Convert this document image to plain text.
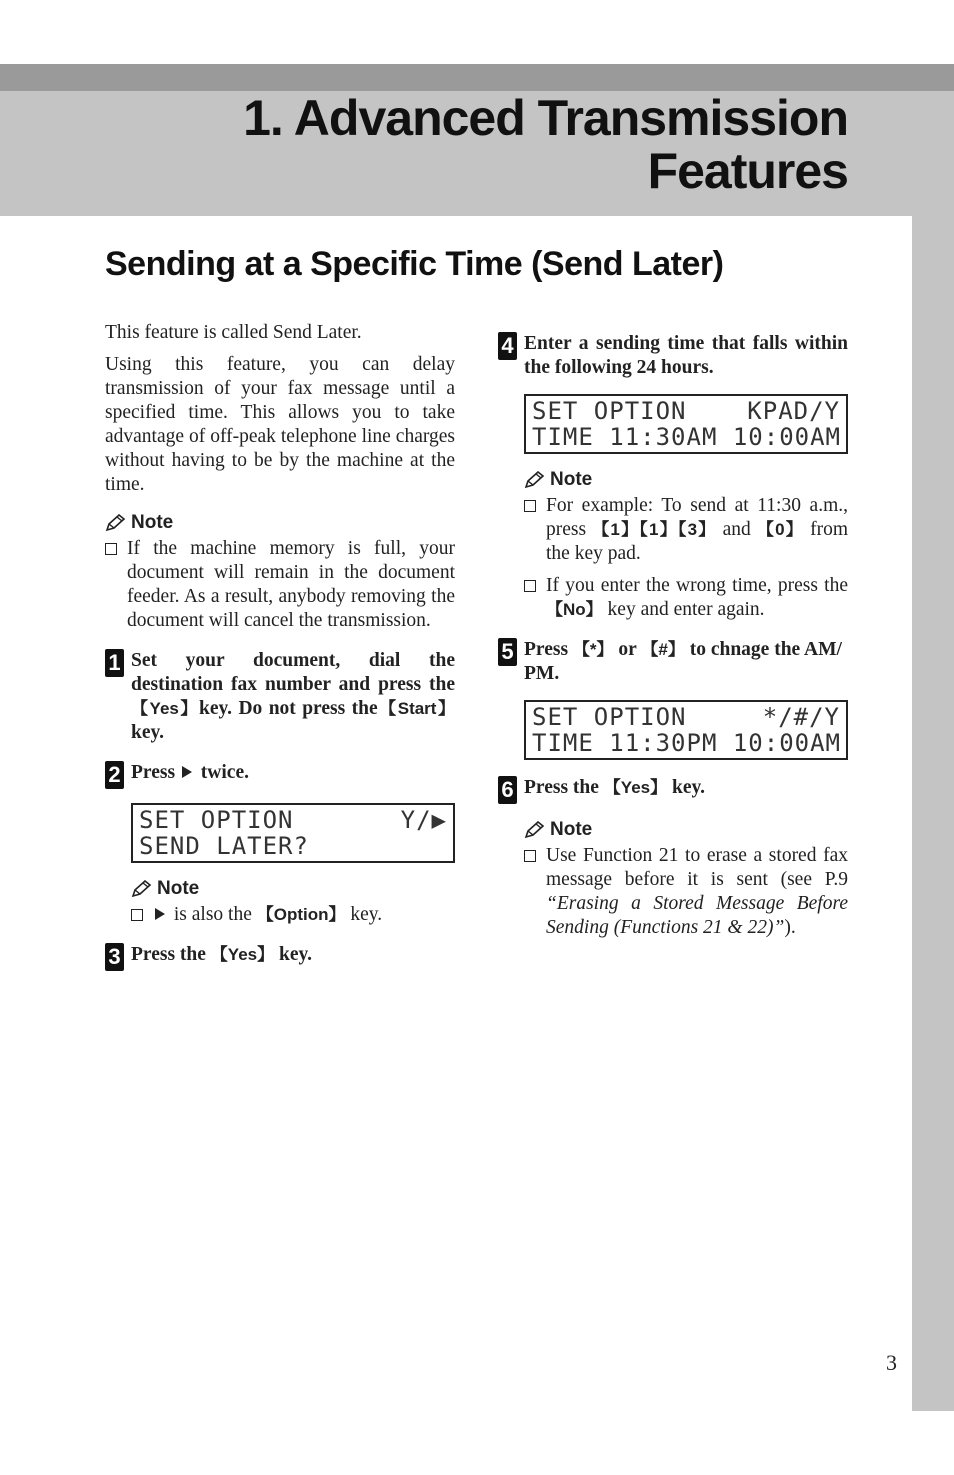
1. Advanced Transmission
Features
Sending at a Specific Time (Send Later)

This feature is called Send Later.

Using this feature, you can delay transmission of your fax message until a specified time. This allows you to take advantage of off-peak telephone line charges without having to be by the machine at the time.

Note
If the machine memory is full, your document will remain in the document feeder. As a result, anybody removing the document will cancel the transmission.
1 Set your document, dial the destination fax number and press the 【Yes】key. Do not press the【Start】 key.
2 Press twice.
SET OPTION	Y/▶
SEND LATER?
Note
is also the 【Option】 key.
3 Press the 【Yes】 key.
4 Enter a sending time that falls within the following 24 hours.
SET OPTION	KPAD/Y
TIME 11:30AM 10:00AM
Note
For example: To send at 11:30 a.m., press 【1】【1】【3】 and 【0】 from the key pad.
If you enter the wrong time, press the 【No】 key and enter again.
5 Press 【*】 or 【#】 to chnage the AM/ PM.
SET OPTION	*/#/Y
TIME 11:30PM 10:00AM
6 Press the 【Yes】 key.
Note
Use Function 21 to erase a stored fax message before it is sent (see P.9 “Erasing a Stored Message Before Sending (Functions 21 & 22)”).
3
